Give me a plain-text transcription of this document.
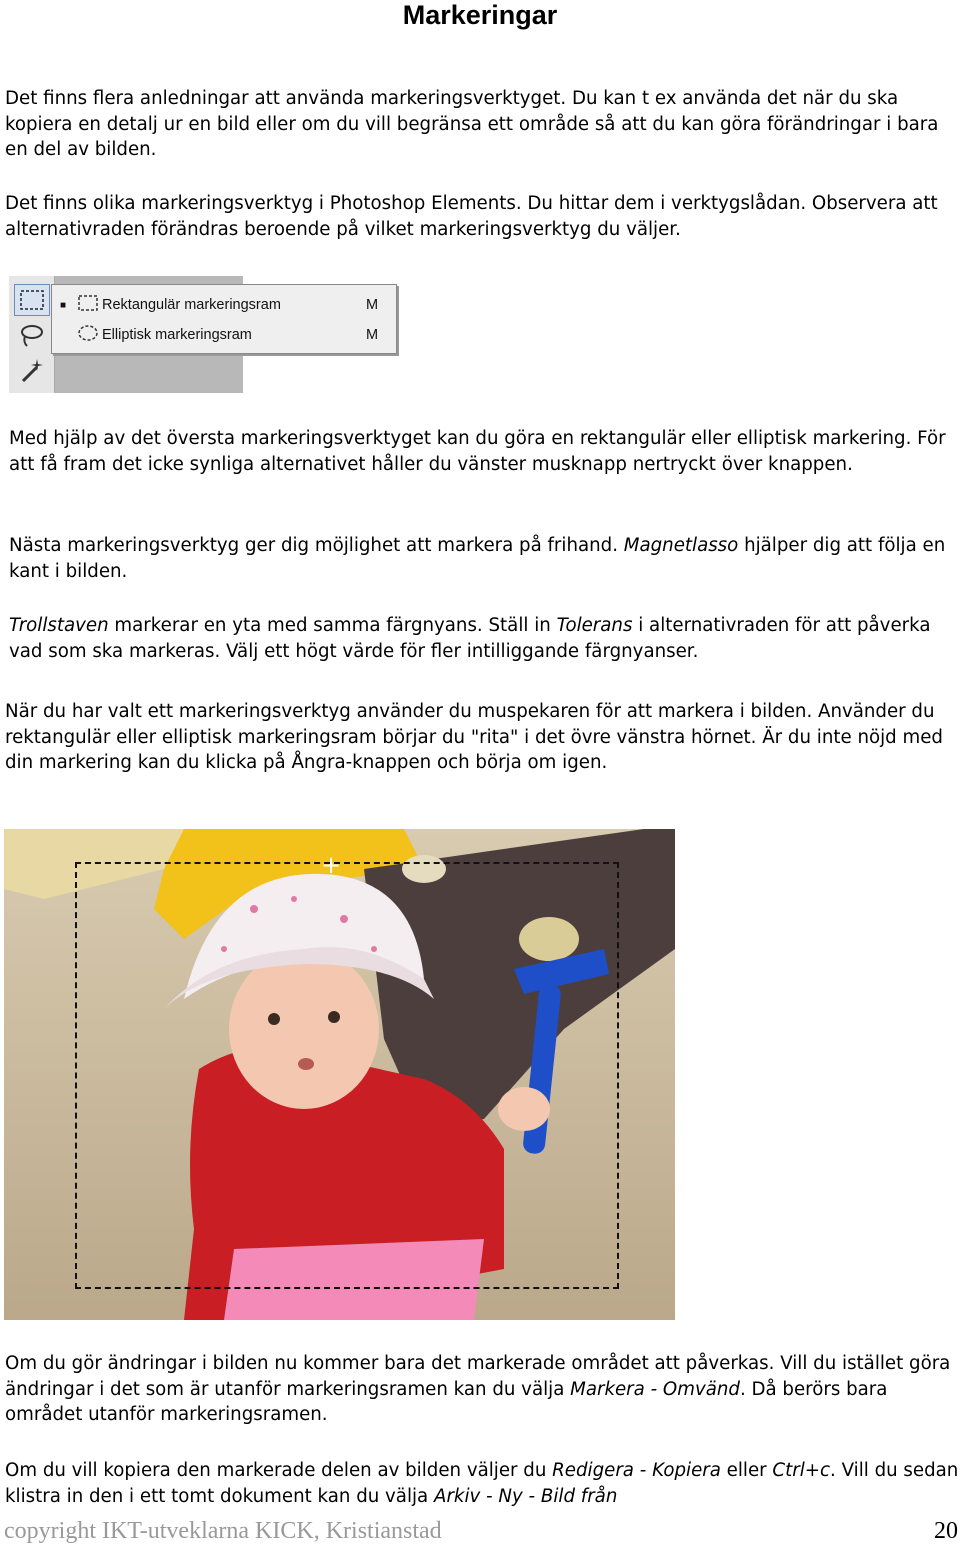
Markeringar

Det finns flera anledningar att använda markeringsverktyget. Du kan t ex använda det när du ska kopiera en detalj ur en bild eller om du vill begränsa ett område så att du kan göra förändringar i bara en del av bilden.

Det finns olika markeringsverktyg i Photoshop Elements. Du hittar dem i verktygslådan. Observera att alternativraden förändras beroende på vilket markeringsverktyg du väljer.

■	Rektangulär markeringsram	M
Elliptisk markeringsram	M

Med hjälp av det översta markeringsverktyget kan du göra en rektangulär eller elliptisk markering. För att få fram det icke synliga alternativet håller du vänster musknapp nertryckt över knappen.

Nästa markeringsverktyg ger dig möjlighet att markera på frihand. Magnetlasso hjälper dig att följa en kant i bilden.

Trollstaven markerar en yta med samma färgnyans. Ställ in Tolerans i alternativraden för att påverka vad som ska markeras. Välj ett högt värde för fler intilliggande färgnyanser.

När du har valt ett markeringsverktyg använder du muspekaren för att markera i bilden. Använder du rektangulär eller elliptisk markeringsram börjar du "rita" i det övre vänstra hörnet. Är du inte nöjd med din markering kan du klicka på Ångra-knappen och börja om igen.

+

Om du gör ändringar i bilden nu kommer bara det markerade området att påverkas. Vill du istället göra ändringar i det som är utanför markeringsramen kan du välja Markera - Omvänd. Då berörs bara området utanför markeringsramen.

Om du vill kopiera den markerade delen av bilden väljer du Redigera - Kopiera eller Ctrl+c. Vill du sedan klistra in den i ett tomt dokument kan du välja Arkiv - Ny - Bild från

copyright IKT-utveklarna KICK, Kristianstad	20
